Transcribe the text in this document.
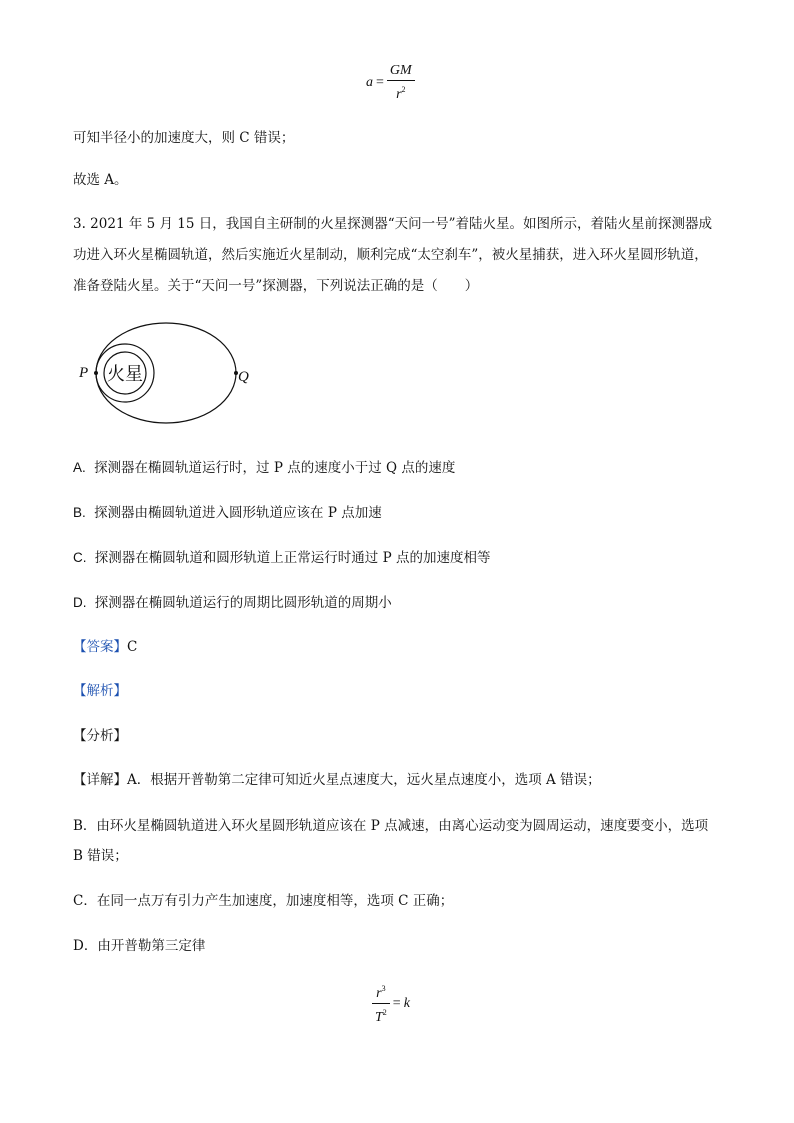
$a = \frac{GM}{r^2}$
可知半径小的加速度大，则 C 错误；
故选 A。
3. 2021 年 5 月 15 日，我国自主研制的火星探测器“天问一号”着陆火星。如图所示，着陆火星前探测器成
功进入环火星椭圆轨道，然后实施近火星制动，顺利完成“太空刹车”，被火星捕获，进入环火星圆形轨道，
准备登陆火星。关于“天问一号”探测器，下列说法正确的是（　　）
火星
P	Q
A. 探测器在椭圆轨道运行时，过 P 点的速度小于过 Q 点的速度
B. 探测器由椭圆轨道进入圆形轨道应该在 P 点加速
C. 探测器在椭圆轨道和圆形轨道上正常运行时通过 P 点的加速度相等
D. 探测器在椭圆轨道运行的周期比圆形轨道的周期小
【答案】C
【解析】
【分析】
【详解】A．根据开普勒第二定律可知近火星点速度大，远火星点速度小，选项 A 错误；
B．由环火星椭圆轨道进入环火星圆形轨道应该在 P 点减速，由离心运动变为圆周运动，速度要变小，选项
B 错误；
C．在同一点万有引力产生加速度，加速度相等，选项 C 正确；
D．由开普勒第三定律
$\frac{r^3}{T^2} = k$
